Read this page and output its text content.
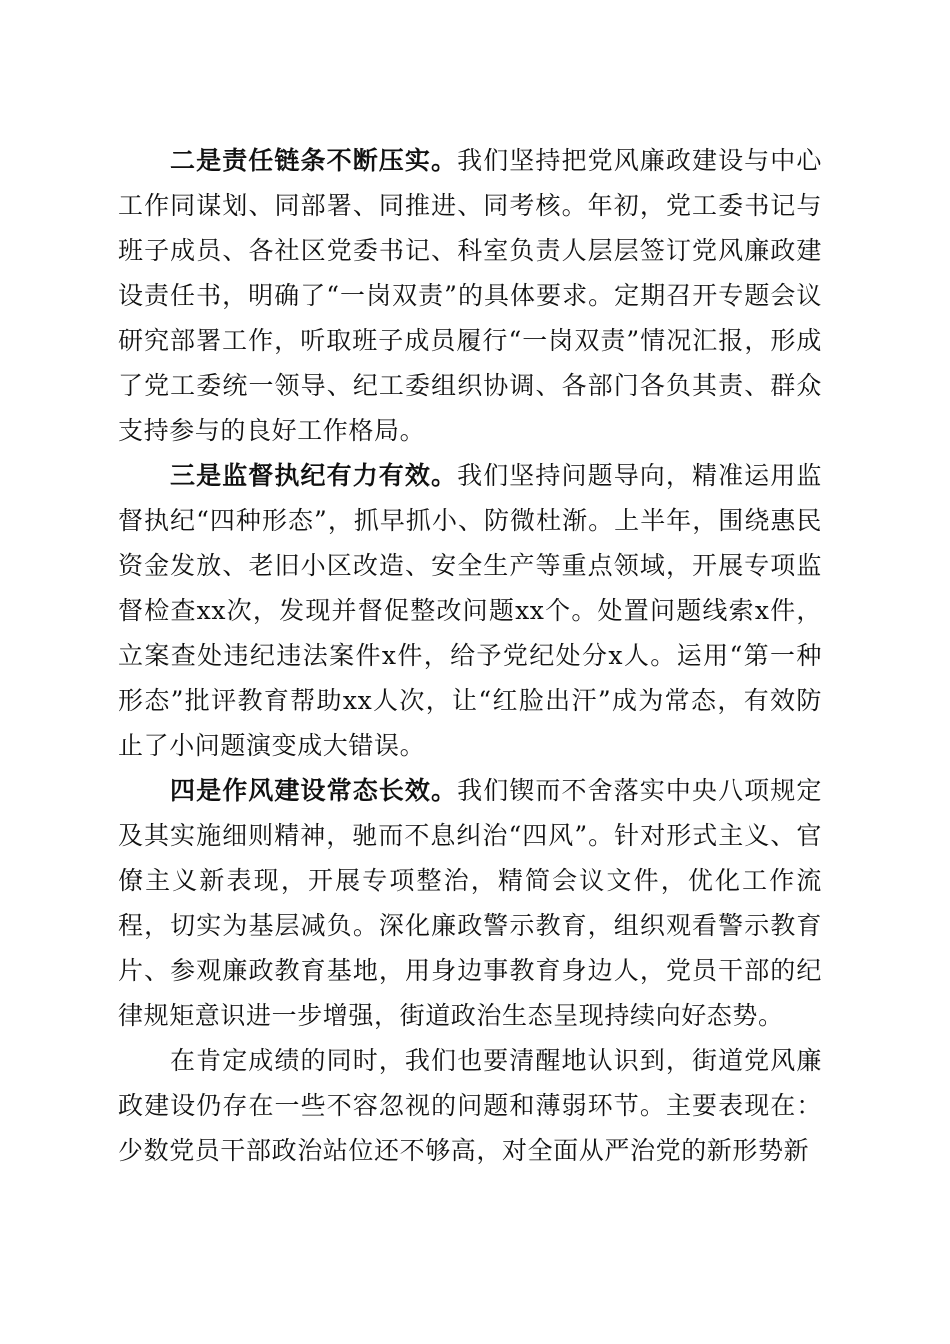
二是责任链条不断压实。我们坚持把党风廉政建设与中心工作同谋划、同部署、同推进、同考核。年初，党工委书记与班子成员、各社区党委书记、科室负责人层层签订党风廉政建设责任书，明确了“一岗双责”的具体要求。定期召开专题会议研究部署工作，听取班子成员履行“一岗双责”情况汇报，形成了党工委统一领导、纪工委组织协调、各部门各负其责、群众支持参与的良好工作格局。

三是监督执纪有力有效。我们坚持问题导向，精准运用监督执纪“四种形态”，抓早抓小、防微杜渐。上半年，围绕惠民资金发放、老旧小区改造、安全生产等重点领域，开展专项监督检查xx次，发现并督促整改问题xx个。处置问题线索x件，立案查处违纪违法案件x件，给予党纪处分x人。运用“第一种形态”批评教育帮助xx人次，让“红脸出汗”成为常态，有效防止了小问题演变成大错误。

四是作风建设常态长效。我们锲而不舍落实中央八项规定及其实施细则精神，驰而不息纠治“四风”。针对形式主义、官僚主义新表现，开展专项整治，精简会议文件，优化工作流程，切实为基层减负。深化廉政警示教育，组织观看警示教育片、参观廉政教育基地，用身边事教育身边人，党员干部的纪律规矩意识进一步增强，街道政治生态呈现持续向好态势。

在肯定成绩的同时，我们也要清醒地认识到，街道党风廉政建设仍存在一些不容忽视的问题和薄弱环节。主要表现在：少数党员干部政治站位还不够高，对全面从严治党的新形势新
